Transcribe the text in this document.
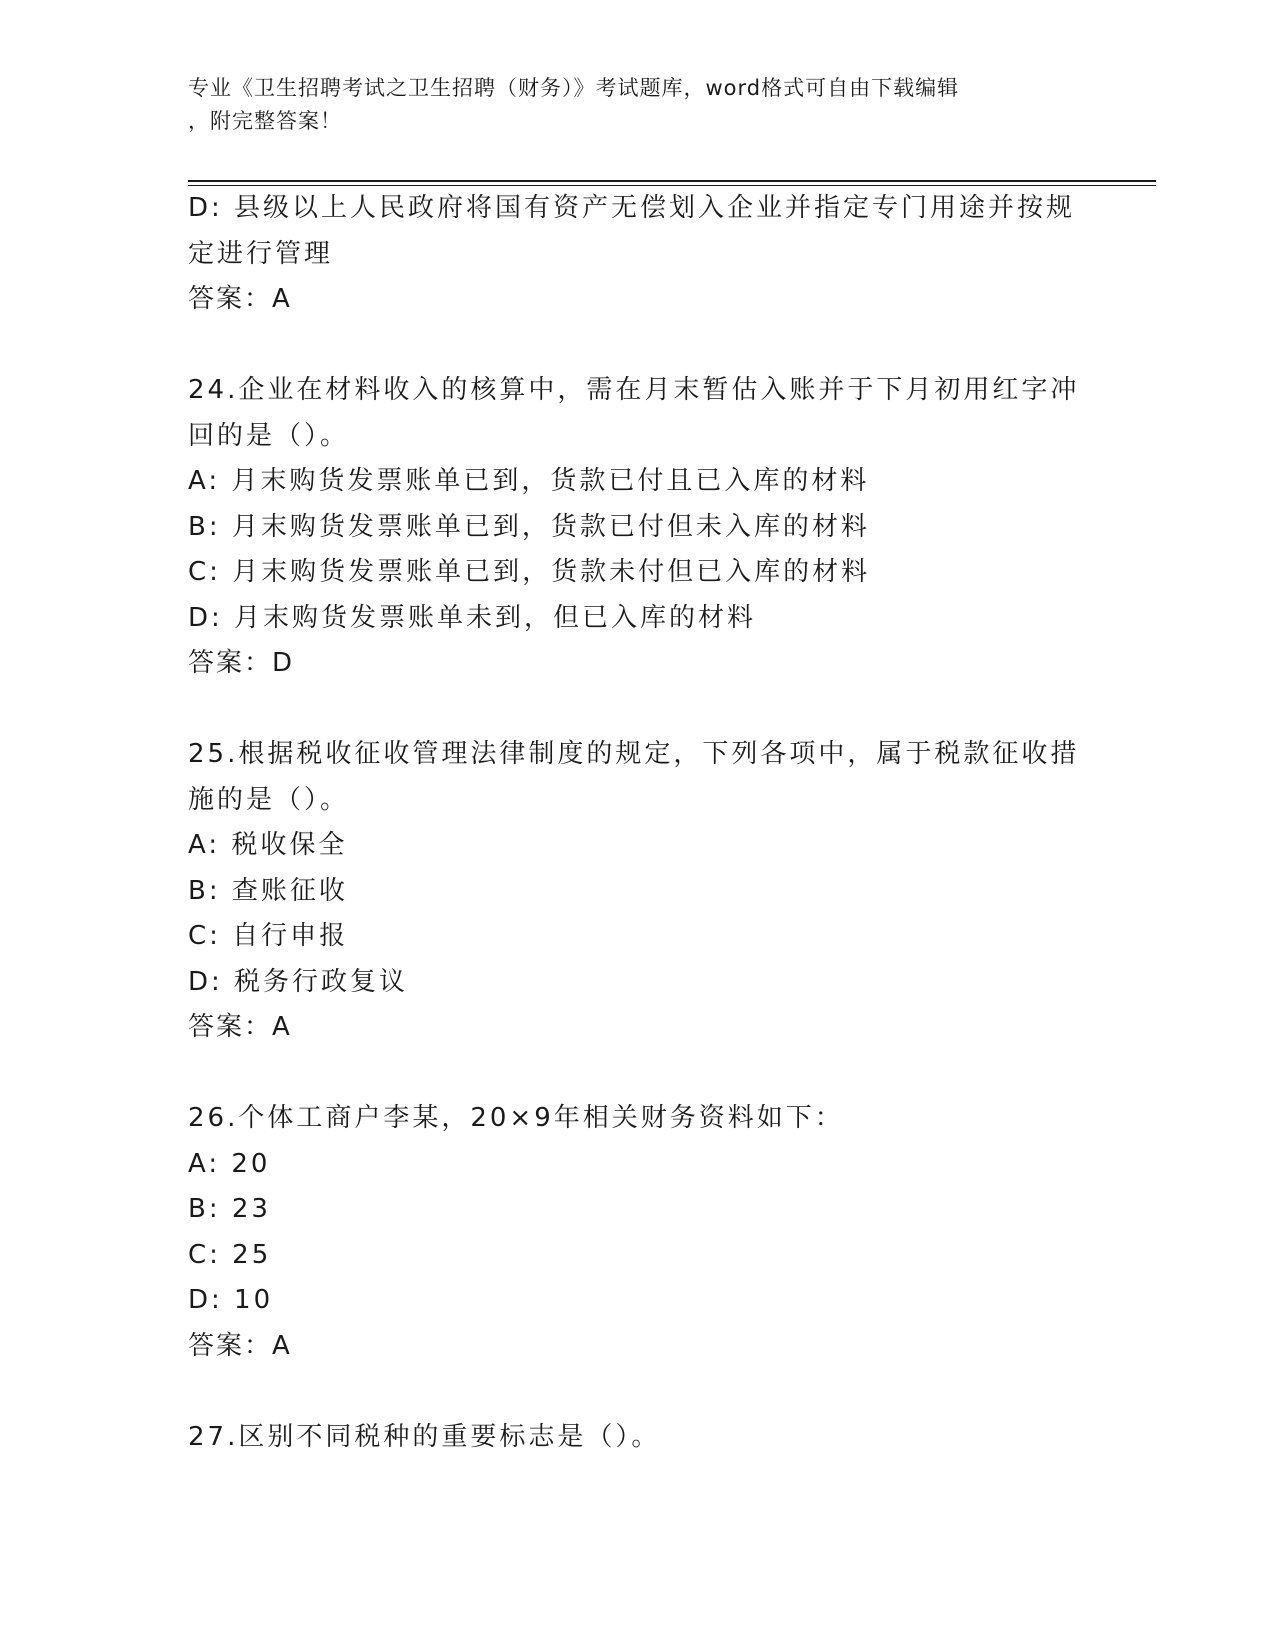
专业《卫生招聘考试之卫生招聘（财务）》考试题库，word格式可自由下载编辑
，附完整答案！
D: 县级以上人民政府将国有资产无偿划入企业并指定专门用途并按规
定进行管理
答案：A
24.企业在材料收入的核算中，需在月末暂估入账并于下月初用红字冲
回的是（）。
A: 月末购货发票账单已到，货款已付且已入库的材料
B: 月末购货发票账单已到，货款已付但未入库的材料
C: 月末购货发票账单已到，货款未付但已入库的材料
D: 月末购货发票账单未到，但已入库的材料
答案：D
25.根据税收征收管理法律制度的规定，下列各项中，属于税款征收措
施的是（）。
A: 税收保全
B: 查账征收
C: 自行申报
D: 税务行政复议
答案：A
26.个体工商户李某，20×9年相关财务资料如下：
A: 20
B: 23
C: 25
D: 10
答案：A
27.区别不同税种的重要标志是（）。
